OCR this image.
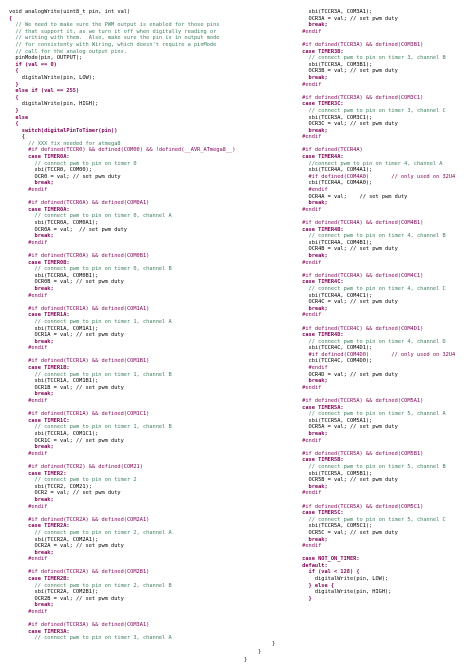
void analogWrite(uint8_t pin, int val)
{
// We need to make sure the PWM output is enabled for those pins
// that support it, as we turn it off when digitally reading or
// writing with them.  Also, make sure the pin is in output mode
// for consistenty with Wiring, which doesn't require a pinMode
// call for the analog output pins.
pinMode(pin, OUTPUT);
if (val == 0)
{
digitalWrite(pin, LOW);
}
else if (val == 255)
{
digitalWrite(pin, HIGH);
}
else
{
switch(digitalPinToTimer(pin))
{
// XXX fix needed for atmega8
#if defined(TCCR0) && defined(COM00) && !defined(__AVR_ATmega8__)
case TIMER0A:
// connect pwm to pin on timer 0
sbi(TCCR0, COM00);
OCR0 = val; // set pwm duty
break;
#endif
#if defined(TCCR0A) && defined(COM0A1)
case TIMER0A:
// connect pwm to pin on timer 0, channel A
sbi(TCCR0A, COM0A1);
OCR0A = val;  // set pwm duty
break;
#endif
#if defined(TCCR0A) && defined(COM0B1)
case TIMER0B:
// connect pwm to pin on timer 0, channel B
sbi(TCCR0A, COM0B1);
OCR0B = val; // set pwm duty
break;
#endif
#if defined(TCCR1A) && defined(COM1A1)
case TIMER1A:
// connect pwm to pin on timer 1, channel A
sbi(TCCR1A, COM1A1);
OCR1A = val; // set pwm duty
break;
#endif
#if defined(TCCR1A) && defined(COM1B1)
case TIMER1B:
// connect pwm to pin on timer 1, channel B
sbi(TCCR1A, COM1B1);
OCR1B = val; // set pwm duty
break;
#endif
#if defined(TCCR1A) && defined(COM1C1)
case TIMER1C:
// connect pwm to pin on timer 1, channel B
sbi(TCCR1A, COM1C1);
OCR1C = val; // set pwm duty
break;
#endif
#if defined(TCCR2) && defined(COM21)
case TIMER2:
// connect pwm to pin on timer 2
sbi(TCCR2, COM21);
OCR2 = val; // set pwm duty
break;
#endif
#if defined(TCCR2A) && defined(COM2A1)
case TIMER2A:
// connect pwm to pin on timer 2, channel A
sbi(TCCR2A, COM2A1);
OCR2A = val; // set pwm duty
break;
#endif
#if defined(TCCR2A) && defined(COM2B1)
case TIMER2B:
// connect pwm to pin on timer 2, channel B
sbi(TCCR2A, COM2B1);
OCR2B = val; // set pwm duty
break;
#endif
#if defined(TCCR3A) && defined(COM3A1)
case TIMER3A:
// connect pwm to pin on timer 3, channel A
sbi(TCCR3A, COM3A1);
OCR3A = val; // set pwm duty
break;
#endif
#if defined(TCCR3A) && defined(COM3B1)
case TIMER3B:
// connect pwm to pin on timer 3, channel B
sbi(TCCR3A, COM3B1);
OCR3B = val; // set pwm duty
break;
#endif
#if defined(TCCR3A) && defined(COM3C1)
case TIMER3C:
// connect pwm to pin on timer 3, channel C
sbi(TCCR3A, COM3C1);
OCR3C = val; // set pwm duty
break;
#endif
#if defined(TCCR4A)
case TIMER4A:
//connect pwm to pin on timer 4, channel A
sbi(TCCR4A, COM4A1);
#if defined(COM4A0)       // only used on 32U4
cbi(TCCR4A, COM4A0);
#endif
OCR4A = val;    // set pwm duty
break;
#endif
#if defined(TCCR4A) && defined(COM4B1)
case TIMER4B:
// connect pwm to pin on timer 4, channel B
sbi(TCCR4A, COM4B1);
OCR4B = val; // set pwm duty
break;
#endif
#if defined(TCCR4A) && defined(COM4C1)
case TIMER4C:
// connect pwm to pin on timer 4, channel C
sbi(TCCR4A, COM4C1);
OCR4C = val; // set pwm duty
break;
#endif
#if defined(TCCR4C) && defined(COM4D1)
case TIMER4D:
// connect pwm to pin on timer 4, channel D
sbi(TCCR4C, COM4D1);
#if defined(COM4D0)       // only used on 32U4
cbi(TCCR4C, COM4D0);
#endif
OCR4D = val; // set pwm duty
break;
#endif
#if defined(TCCR5A) && defined(COM5A1)
case TIMER5A:
// connect pwm to pin on timer 5, channel A
sbi(TCCR5A, COM5A1);
OCR5A = val; // set pwm duty
break;
#endif
#if defined(TCCR5A) && defined(COM5B1)
case TIMER5B:
// connect pwm to pin on timer 5, channel B
sbi(TCCR5A, COM5B1);
OCR5B = val; // set pwm duty
break;
#endif
#if defined(TCCR5A) && defined(COM5C1)
case TIMER5C:
// connect pwm to pin on timer 5, channel C
sbi(TCCR5A, COM5C1);
OCR5C = val; // set pwm duty
break;
#endif
case NOT_ON_TIMER:
default:
if (val < 128) {
digitalWrite(pin, LOW);
} else {
digitalWrite(pin, HIGH);
}
}
}
}
